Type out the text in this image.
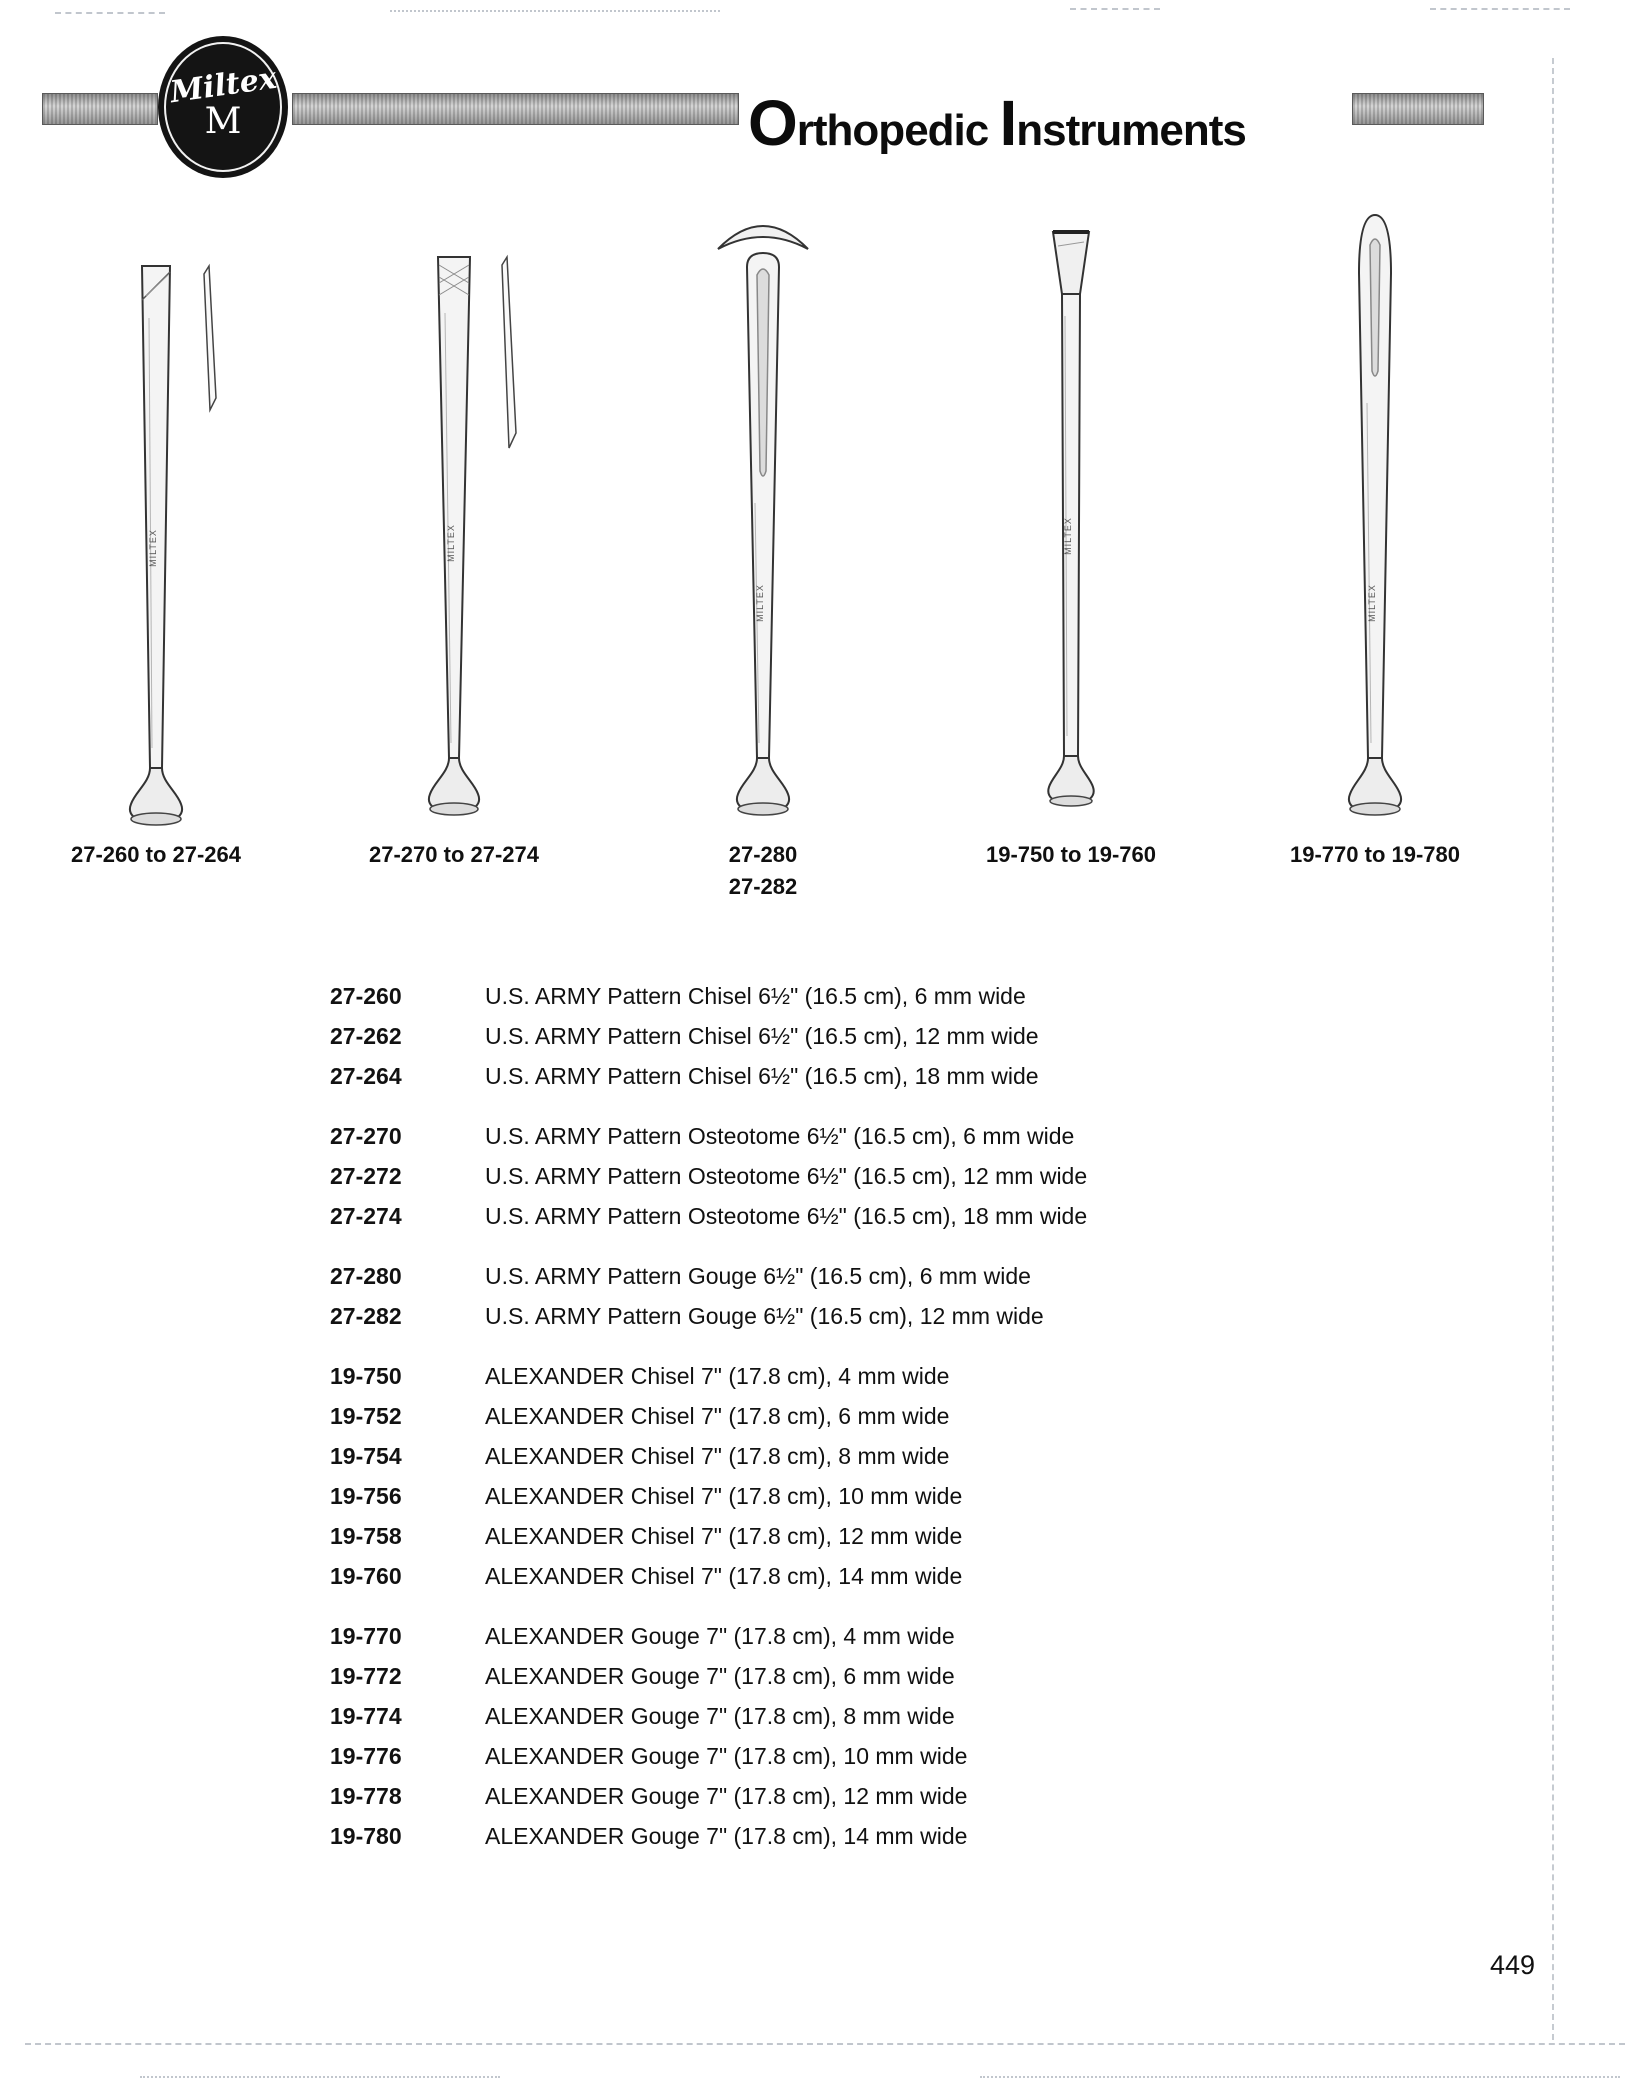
Miltex
M	O rthopedic I nstruments
MILTEX
27-260 to 27-264
MILTEX
27-270 to 27-274
MILTEX
27-280
27-282
MILTEX
19-750 to 19-760
MILTEX
19-770 to 19-780
27-260	U.S. ARMY Pattern Chisel 6½" (16.5 cm), 6 mm wide
27-262	U.S. ARMY Pattern Chisel 6½" (16.5 cm), 12 mm wide
27-264	U.S. ARMY Pattern Chisel 6½" (16.5 cm), 18 mm wide
27-270	U.S. ARMY Pattern Osteotome 6½" (16.5 cm), 6 mm wide
27-272	U.S. ARMY Pattern Osteotome 6½" (16.5 cm), 12 mm wide
27-274	U.S. ARMY Pattern Osteotome 6½" (16.5 cm), 18 mm wide
27-280	U.S. ARMY Pattern Gouge 6½" (16.5 cm), 6 mm wide
27-282	U.S. ARMY Pattern Gouge 6½" (16.5 cm), 12 mm wide
19-750	ALEXANDER Chisel 7" (17.8 cm), 4 mm wide
19-752	ALEXANDER Chisel 7" (17.8 cm), 6 mm wide
19-754	ALEXANDER Chisel 7" (17.8 cm), 8 mm wide
19-756	ALEXANDER Chisel 7" (17.8 cm), 10 mm wide
19-758	ALEXANDER Chisel 7" (17.8 cm), 12 mm wide
19-760	ALEXANDER Chisel 7" (17.8 cm), 14 mm wide
19-770	ALEXANDER Gouge 7" (17.8 cm), 4 mm wide
19-772	ALEXANDER Gouge 7" (17.8 cm), 6 mm wide
19-774	ALEXANDER Gouge 7" (17.8 cm), 8 mm wide
19-776	ALEXANDER Gouge 7" (17.8 cm), 10 mm wide
19-778	ALEXANDER Gouge 7" (17.8 cm), 12 mm wide
19-780	ALEXANDER Gouge 7" (17.8 cm), 14 mm wide
449
